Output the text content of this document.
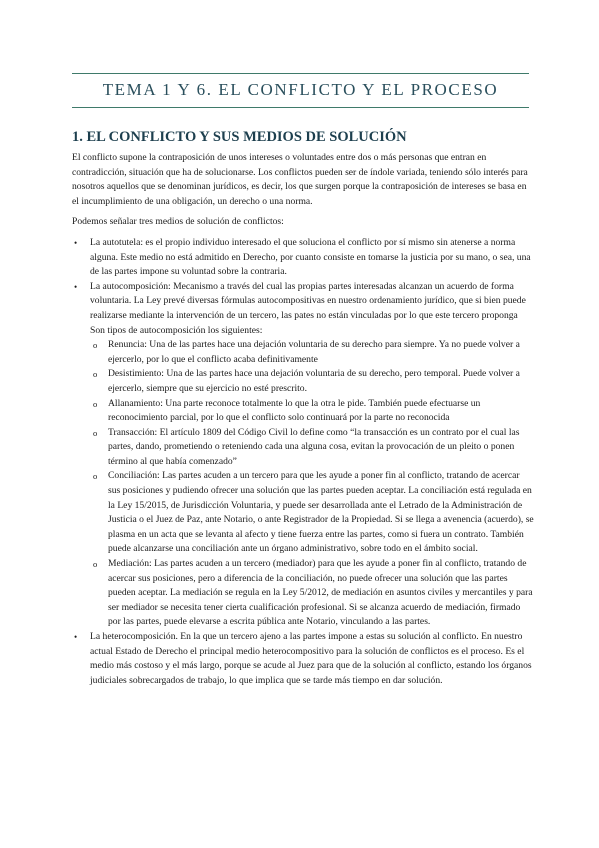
TEMA 1 Y 6. EL CONFLICTO Y EL PROCESO
1. EL CONFLICTO Y SUS MEDIOS DE SOLUCIÓN

El conflicto supone la contraposición de unos intereses o voluntades entre dos o más personas que entran en contradicción, situación que ha de solucionarse. Los conflictos pueden ser de índole variada, teniendo sólo interés para nosotros aquellos que se denominan jurídicos, es decir, los que surgen porque la contraposición de intereses se basa en el incumplimiento de una obligación, un derecho o una norma.

Podemos señalar tres medios de solución de conflictos:

• La autotutela: es el propio individuo interesado el que soluciona el conflicto por sí mismo sin atenerse a norma alguna. Este medio no está admitido en Derecho, por cuanto consiste en tomarse la justicia por su mano, o sea, una de las partes impone su voluntad sobre la contraria.
• La autocomposición: Mecanismo a través del cual las propias partes interesadas alcanzan un acuerdo de forma voluntaria. La Ley prevé diversas fórmulas autocompositivas en nuestro ordenamiento jurídico, que si bien puede realizarse mediante la intervención de un tercero, las pates no están vinculadas por lo que este tercero proponga
Son tipos de autocomposición los siguientes:
o Renuncia: Una de las partes hace una dejación voluntaria de su derecho para siempre. Ya no puede volver a ejercerlo, por lo que el conflicto acaba definitivamente
o Desistimiento: Una de las partes hace una dejación voluntaria de su derecho, pero temporal. Puede volver a ejercerlo, siempre que su ejercicio no esté prescrito.
o Allanamiento: Una parte reconoce totalmente lo que la otra le pide. También puede efectuarse un reconocimiento parcial, por lo que el conflicto solo continuará por la parte no reconocida
o Transacción: El artículo 1809 del Código Civil lo define como “la transacción es un contrato por el cual las partes, dando, prometiendo o reteniendo cada una alguna cosa, evitan la provocación de un pleito o ponen término al que había comenzado”
o Conciliación: Las partes acuden a un tercero para que les ayude a poner fin al conflicto, tratando de acercar sus posiciones y pudiendo ofrecer una solución que las partes pueden aceptar. La conciliación está regulada en la Ley 15/2015, de Jurisdicción Voluntaria, y puede ser desarrollada ante el Letrado de la Administración de Justicia o el Juez de Paz, ante Notario, o ante Registrador de la Propiedad. Si se llega a avenencia (acuerdo), se plasma en un acta que se levanta al afecto y tiene fuerza entre las partes, como si fuera un contrato. También puede alcanzarse una conciliación ante un órgano administrativo, sobre todo en el ámbito social.
o Mediación: Las partes acuden a un tercero (mediador) para que les ayude a poner fin al conflicto, tratando de acercar sus posiciones, pero a diferencia de la conciliación, no puede ofrecer una solución que las partes pueden aceptar. La mediación se regula en la Ley 5/2012, de mediación en asuntos civiles y mercantiles y para ser mediador se necesita tener cierta cualificación profesional. Si se alcanza acuerdo de mediación, firmado por las partes, puede elevarse a escrita pública ante Notario, vinculando a las partes.
• La heterocomposición. En la que un tercero ajeno a las partes impone a estas su solución al conflicto. En nuestro actual Estado de Derecho el principal medio heterocompositivo para la solución de conflictos es el proceso. Es el medio más costoso y el más largo, porque se acude al Juez para que de la solución al conflicto, estando los órganos judiciales sobrecargados de trabajo, lo que implica que se tarde más tiempo en dar solución.
